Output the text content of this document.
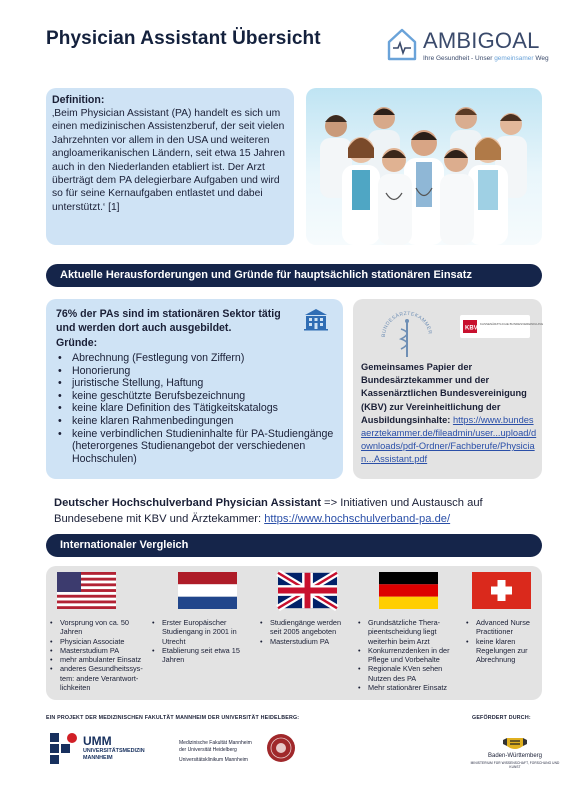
Physician Assistant Übersicht	AMBIGOAL
Ihre Gesundheit - Unser gemeinsamer Weg
Definition:
‚Beim Physician Assistant (PA) handelt es sich um einen medizinischen Assistenzberuf, der seit vielen Jahrzehnten vor allem in den USA und weiteren angloamerikanischen Ländern, seit etwa 15 Jahren auch in den Niederlanden etabliert ist. Der Arzt überträgt dem PA delegierbare Aufgaben und wird so für seine Kernaufgaben entlastet und dabei unterstützt.‘ [1]
Aktuelle Herausforderungen und Gründe für hauptsächlich stationären Einsatz
76% der PAs sind im stationären Sektor tätig und werden dort auch ausgebildet.
Gründe:
• Abrechnung (Festlegung von Ziffern)
• Honorierung
• juristische Stellung, Haftung
• keine geschützte Berufsbezeichnung
• keine klare Definition des Tätigkeitskatalogs
• keine klaren Rahmenbedingungen
• keine verbindlichen Studieninhalte für PA-Studiengänge (heterorgenes Studienangebot der verschiedenen Hochschulen)
BUNDESÄRZTEKAMMER
KBV
KASSENÄRZTLICHE BUNDESVEREINIGUNG
Gemeinsames Papier der Bundesärztekammer und der Kassenärztlichen Bundesvereinigung (KBV) zur Vereinheitlichung der Ausbildungsinhalte: https://www.bundesaerztekammer.de/fileadmin/user...upload/downloads/pdf-Ordner/Fachberufe/Physician...Assistant.pdf
Deutscher Hochschulverband Physician Assistant => Initiativen und Austausch auf Bundesebene mit KBV und Ärztekammer: https://www.hochschulverband-pa.de/
Internationaler Vergleich
• Vorsprung von ca. 50 Jahren
• Physician Associate
• Masterstudium PA
• mehr ambulanter Einsatz
• anderes Gesundheitssystem: andere Verantwortlichkeiten
• Erster Europäischer Studiengang in 2001 in Utrecht
• Etablierung seit etwa 15 Jahren
• Studiengänge werden seit 2005 angeboten
• Masterstudium PA
• Grundsätzliche Therapieentscheidung liegt weiterhin beim Arzt
• Konkurrenzdenken in der Pflege und Vorbehalte
• Regionale KVen sehen Nutzen des PA
• Mehr stationärer Einsatz
• Advanced Nurse Practitioner
• keine klaren Regelungen zur Abrechnung
EIN PROJEKT DER MEDIZINISCHEN FAKULTÄT MANNHEIM DER UNIVERSITÄT HEIDELBERG:	GEFÖRDERT DURCH:
UMM
UNIVERSITÄTSMEDIZIN
MANNHEIM
Medizinische Fakultät Mannheim
der Universität Heidelberg
Universitätsklinikum Mannheim
Baden-Württemberg
MINISTERIUM FÜR WISSENSCHAFT, FORSCHUNG UND KUNST
